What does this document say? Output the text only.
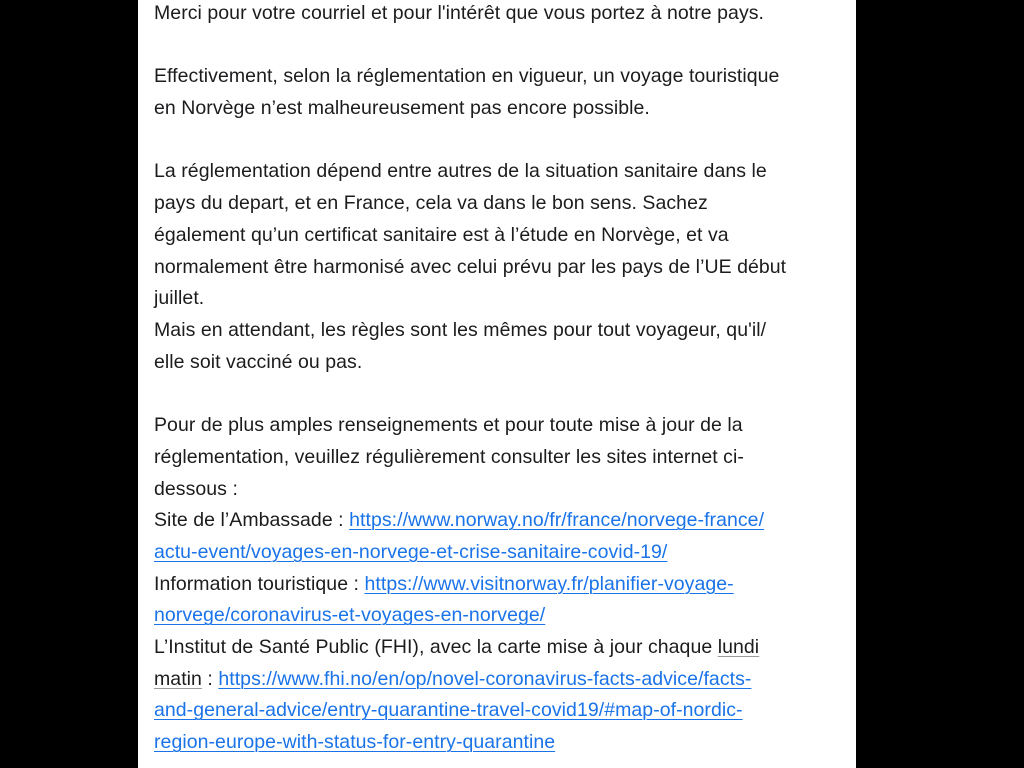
Merci pour votre courriel et pour l'intérêt que vous portez à notre pays.

Effectivement, selon la réglementation en vigueur, un voyage touristique
en Norvège n’est malheureusement pas encore possible.

La réglementation dépend entre autres de la situation sanitaire dans le
pays du depart, et en France, cela va dans le bon sens. Sachez
également qu’un certificat sanitaire est à l’étude en Norvège, et va
normalement être harmonisé avec celui prévu par les pays de l’UE début
juillet.
Mais en attendant, les règles sont les mêmes pour tout voyageur, qu'il/
elle soit vacciné ou pas.

Pour de plus amples renseignements et pour toute mise à jour de la
réglementation, veuillez régulièrement consulter les sites internet ci-
dessous :
Site de l’Ambassade : https://www.norway.no/fr/france/norvege-france/
actu-event/voyages-en-norvege-et-crise-sanitaire-covid-19/
Information touristique : https://www.visitnorway.fr/planifier-voyage-
norvege/coronavirus-et-voyages-en-norvege/
L’Institut de Santé Public (FHI), avec la carte mise à jour chaque lundi
matin : https://www.fhi.no/en/op/novel-coronavirus-facts-advice/facts-
and-general-advice/entry-quarantine-travel-covid19/#map-of-nordic-
region-europe-with-status-for-entry-quarantine
